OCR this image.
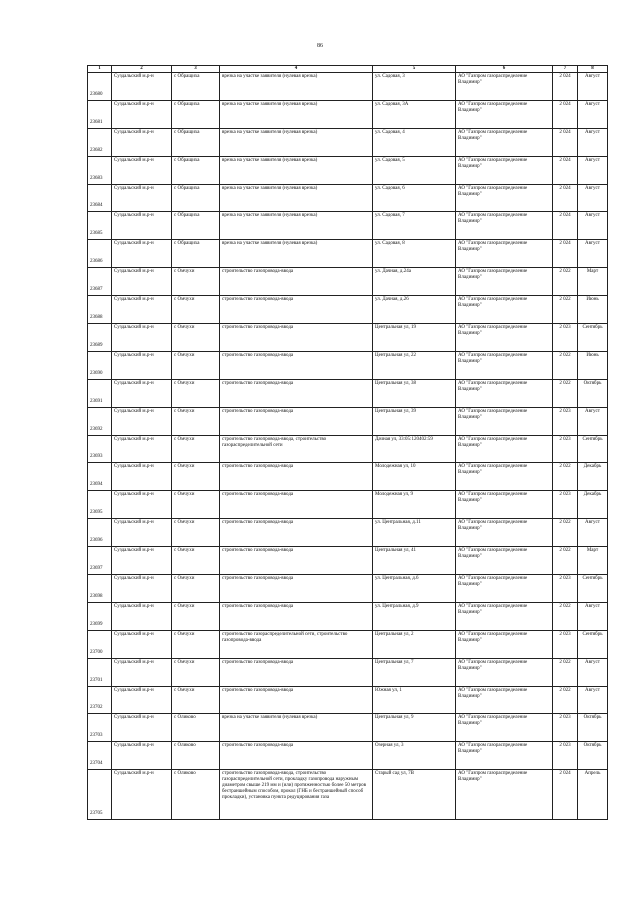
86
1	2	3	4	5	6	7	8
23680	Суздальский м.р-н	с Обращиха	врезка на участке заявителя (нулевая врезка)	ул. Садовая, 3	АО "Газпром газораспределение Владимир"	2 024	Август
23681	Суздальский м.р-н	с Обращиха	врезка на участке заявителя (нулевая врезка)	ул. Садовая, 3А	АО "Газпром газораспределение Владимир"	2 024	Август
23682	Суздальский м.р-н	с Обращиха	врезка на участке заявителя (нулевая врезка)	ул. Садовая, 4	АО "Газпром газораспределение Владимир"	2 024	Август
23683	Суздальский м.р-н	с Обращиха	врезка на участке заявителя (нулевая врезка)	ул. Садовая, 5	АО "Газпром газораспределение Владимир"	2 024	Август
23684	Суздальский м.р-н	с Обращиха	врезка на участке заявителя (нулевая врезка)	ул. Садовая, 6	АО "Газпром газораспределение Владимир"	2 024	Август
23685	Суздальский м.р-н	с Обращиха	врезка на участке заявителя (нулевая врезка)	ул. Садовая, 7	АО "Газпром газораспределение Владимир"	2 024	Август
23686	Суздальский м.р-н	с Обращиха	врезка на участке заявителя (нулевая врезка)	ул. Садовая, 8	АО "Газпром газораспределение Владимир"	2 024	Август
23687	Суздальский м.р-н	с Омчухи	строительство газопровода-ввода	ул. Дачная, д.24а	АО "Газпром газораспределение Владимир"	2 022	Март
23688	Суздальский м.р-н	с Омчухи	строительство газопровода-ввода	ул. Дачная, д.26	АО "Газпром газораспределение Владимир"	2 022	Июнь
23689	Суздальский м.р-н	с Омчухи	строительство газопровода-ввода	Центральная ул, 19	АО "Газпром газораспределение Владимир"	2 023	Сентябрь
23690	Суздальский м.р-н	с Омчухи	строительство газопровода-ввода	Центральная ул, 22	АО "Газпром газораспределение Владимир"	2 022	Июнь
23691	Суздальский м.р-н	с Омчухи	строительство газопровода-ввода	Центральная ул, 38	АО "Газпром газораспределение Владимир"	2 022	Октябрь
23692	Суздальский м.р-н	с Омчухи	строительство газопровода-ввода	Центральная ул, 39	АО "Газпром газораспределение Владимир"	2 023	Август
23693	Суздальский м.р-н	с Омчухи	строительство газопровода-ввода, строительство газораспределительной сети	Дачная ул, 33:05:120402:59	АО "Газпром газораспределение Владимир"	2 023	Сентябрь
23694	Суздальский м.р-н	с Омчухи	строительство газопровода-ввода	Молодежная ул, 10	АО "Газпром газораспределение Владимир"	2 022	Декабрь
23695	Суздальский м.р-н	с Омчухи	строительство газопровода-ввода	Молодежная ул, 9	АО "Газпром газораспределение Владимир"	2 023	Декабрь
23696	Суздальский м.р-н	с Омчухи	строительство газопровода-ввода	ул. Центральная, д.11	АО "Газпром газораспределение Владимир"	2 022	Август
23697	Суздальский м.р-н	с Омчухи	строительство газопровода-ввода	Центральная ул, 41	АО "Газпром газораспределение Владимир"	2 022	Март
23698	Суздальский м.р-н	с Омчухи	строительство газопровода-ввода	ул. Центральная, д.6	АО "Газпром газораспределение Владимир"	2 023	Сентябрь
23699	Суздальский м.р-н	с Омчухи	строительство газопровода-ввода	ул. Центральная, д.9	АО "Газпром газораспределение Владимир"	2 022	Август
23700	Суздальский м.р-н	с Омчухи	строительство газораспределительной сети, строительство газопровода-ввода	Центральная ул, 2	АО "Газпром газораспределение Владимир"	2 023	Сентябрь
23701	Суздальский м.р-н	с Омчухи	строительство газопровода-ввода	Центральная ул, 7	АО "Газпром газораспределение Владимир"	2 022	Август
23702	Суздальский м.р-н	с Омчухи	строительство газопровода-ввода	Южная ул, 1	АО "Газпром газораспределение Владимир"	2 022	Август
23703	Суздальский м.р-н	с Оликово	врезка на участке заявителя (нулевая врезка)	Центральная ул, 9	АО "Газпром газораспределение Владимир"	2 023	Октябрь
23704	Суздальский м.р-н	с Оликово	строительство газопровода-ввода	Озерная ул, 3	АО "Газпром газораспределение Владимир"	2 023	Октябрь
23705	Суздальский м.р-н	с Оликово	строительство газопровода-ввода, строительство газораспределительной сети, прокладку газопровода наружным диаметром свыше 219 мм и (или) протяженностью более 50 метров бестраншейным способом, прокол (ГНБ и бестраншейный способ прокладки), установка пункта редуцирования газа	Старый сад ул, 7В	АО "Газпром газораспределение Владимир"	2 024	Апрель
